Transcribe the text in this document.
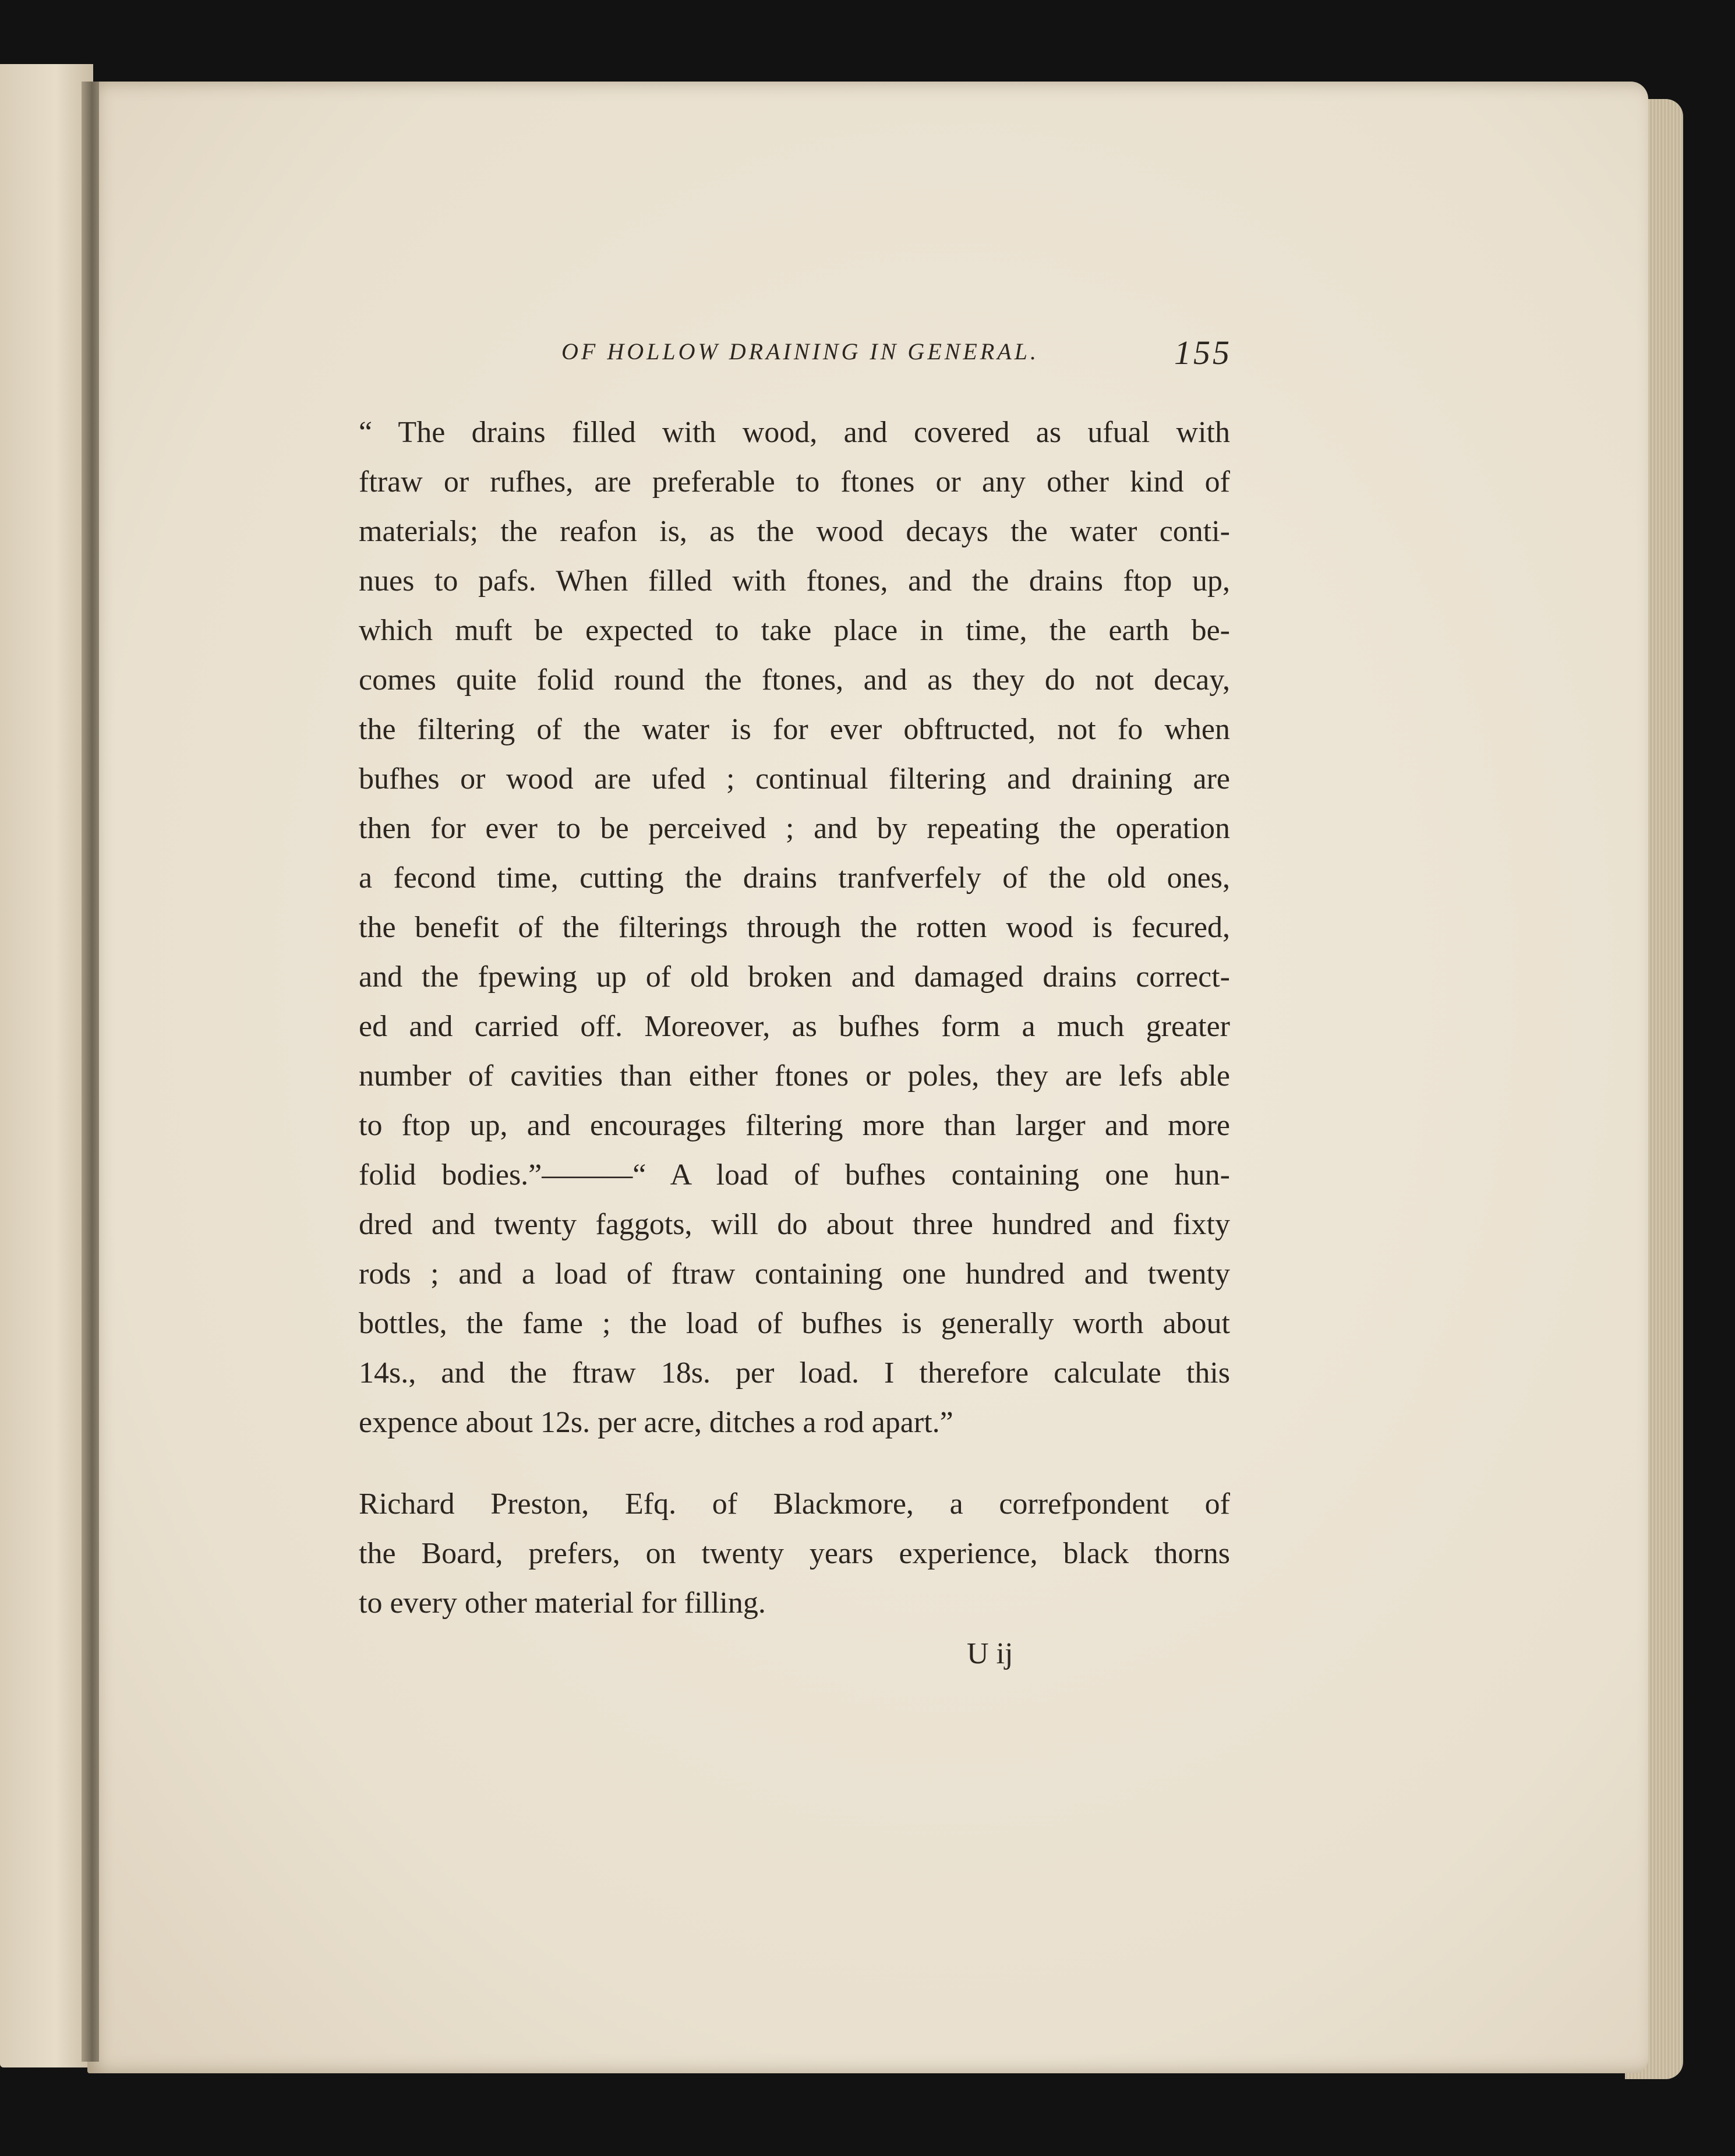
OF HOLLOW DRAINING IN GENERAL.	155
“ The drains filled with wood, and covered as ufual with
ftraw or rufhes, are preferable to ftones or any other kind of
materials; the reafon is, as the wood decays the water conti-
nues to pafs. When filled with ftones, and the drains ftop up,
which muft be expected to take place in time, the earth be-
comes quite folid round the ftones, and as they do not decay,
the filtering of the water is for ever obftructed, not fo when
bufhes or wood are ufed ; continual filtering and draining are
then for ever to be perceived ; and by repeating the operation
a fecond time, cutting the drains tranfverfely of the old ones,
the benefit of the filterings through the rotten wood is fecured,
and the fpewing up of old broken and damaged drains correct-
ed and carried off. Moreover, as bufhes form a much greater
number of cavities than either ftones or poles, they are lefs able
to ftop up, and encourages filtering more than larger and more
folid bodies.”———“ A load of bufhes containing one hun-
dred and twenty faggots, will do about three hundred and fixty
rods ; and a load of ftraw containing one hundred and twenty
bottles, the fame ; the load of bufhes is generally worth about
14s., and the ftraw 18s. per load. I therefore calculate this
expence about 12s. per acre, ditches a rod apart.”
Richard Preston, Efq. of Blackmore, a correfpondent of
the Board, prefers, on twenty years experience, black thorns
to every other material for filling.
U ij
